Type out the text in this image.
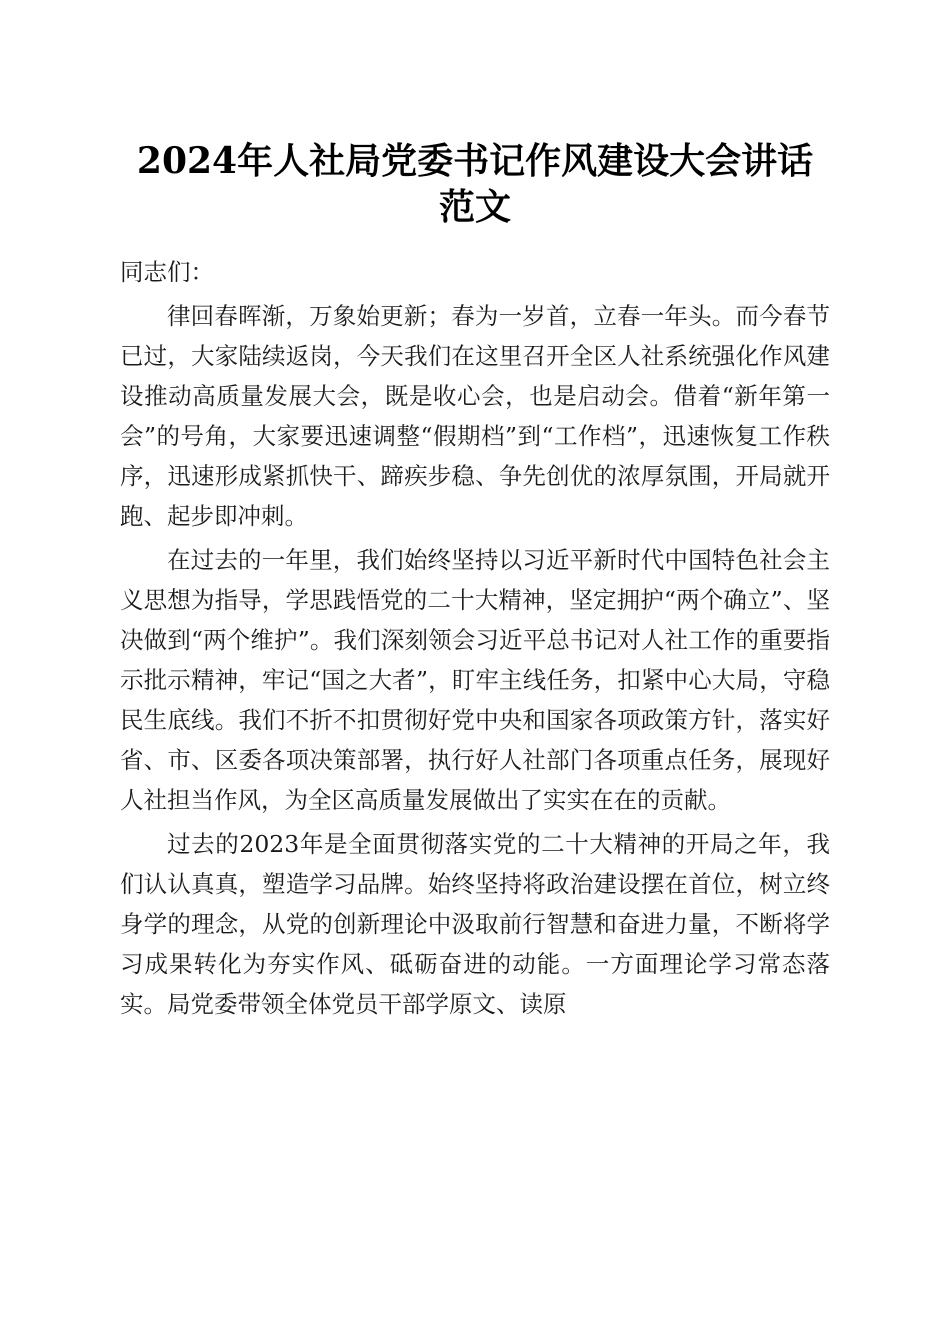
2024年人社局党委书记作风建设大会讲话范文

同志们：

律回春晖渐，万象始更新；春为一岁首，立春一年头。而今春节已过，大家陆续返岗，今天我们在这里召开全区人社系统强化作风建设推动高质量发展大会，既是收心会，也是启动会。借着“新年第一会”的号角，大家要迅速调整“假期档”到“工作档”，迅速恢复工作秩序，迅速形成紧抓快干、蹄疾步稳、争先创优的浓厚氛围，开局就开跑、起步即冲刺。

在过去的一年里，我们始终坚持以习近平新时代中国特色社会主义思想为指导，学思践悟党的二十大精神，坚定拥护“两个确立”、坚决做到“两个维护”。我们深刻领会习近平总书记对人社工作的重要指示批示精神，牢记“国之大者”，盯牢主线任务，扣紧中心大局，守稳民生底线。我们不折不扣贯彻好党中央和国家各项政策方针，落实好省、市、区委各项决策部署，执行好人社部门各项重点任务，展现好人社担当作风，为全区高质量发展做出了实实在在的贡献。

过去的2023年是全面贯彻落实党的二十大精神的开局之年，我们认认真真，塑造学习品牌。始终坚持将政治建设摆在首位，树立终身学的理念，从党的创新理论中汲取前行智慧和奋进力量，不断将学习成果转化为夯实作风、砥砺奋进的动能。一方面理论学习常态落实。局党委带领全体党员干部学原文、读原
